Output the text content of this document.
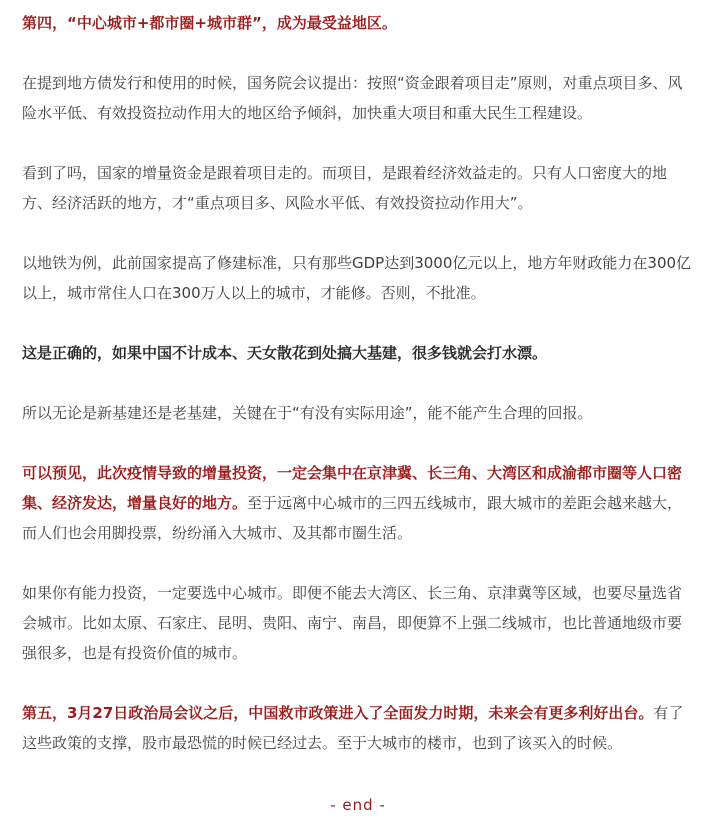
第四，“中心城市+都市圈+城市群”，成为最受益地区。

在提到地方债发行和使用的时候，国务院会议提出：按照“资金跟着项目走”原则，对重点项目多、风险水平低、有效投资拉动作用大的地区给予倾斜，加快重大项目和重大民生工程建设。

看到了吗，国家的增量资金是跟着项目走的。而项目，是跟着经济效益走的。只有人口密度大的地方、经济活跃的地方，才“重点项目多、风险水平低、有效投资拉动作用大”。

以地铁为例，此前国家提高了修建标准，只有那些GDP达到3000亿元以上，地方年财政能力在300亿以上，城市常住人口在300万人以上的城市，才能修。否则，不批准。

这是正确的，如果中国不计成本、天女散花到处搞大基建，很多钱就会打水漂。

所以无论是新基建还是老基建，关键在于“有没有实际用途”，能不能产生合理的回报。

可以预见，此次疫情导致的增量投资，一定会集中在京津冀、长三角、大湾区和成渝都市圈等人口密集、经济发达，增量良好的地方。至于远离中心城市的三四五线城市，跟大城市的差距会越来越大，而人们也会用脚投票，纷纷涌入大城市、及其都市圈生活。

如果你有能力投资，一定要选中心城市。即便不能去大湾区、长三角、京津冀等区域，也要尽量选省会城市。比如太原、石家庄、昆明、贵阳、南宁、南昌，即便算不上强二线城市，也比普通地级市要强很多，也是有投资价值的城市。

第五，3月27日政治局会议之后，中国救市政策进入了全面发力时期，未来会有更多利好出台。有了这些政策的支撑，股市最恐慌的时候已经过去。至于大城市的楼市，也到了该买入的时候。

- end -
